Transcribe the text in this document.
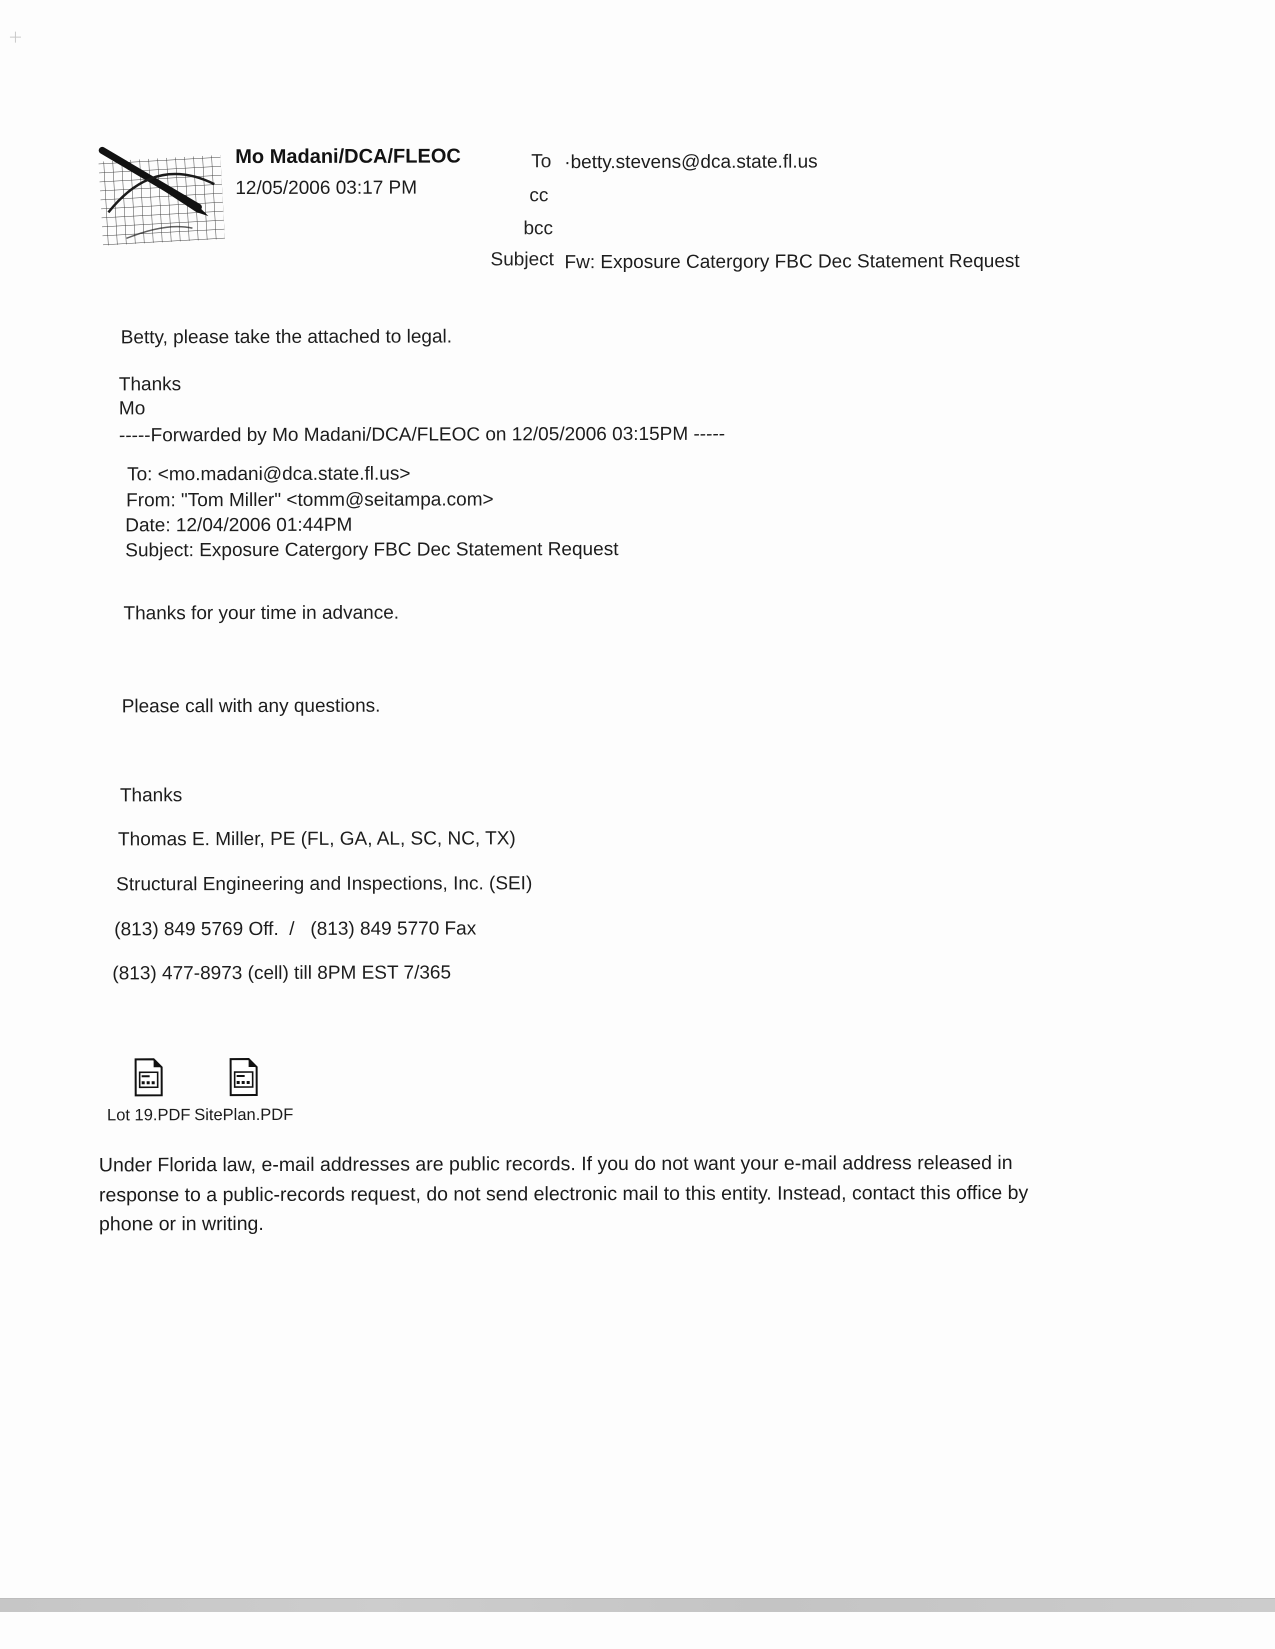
Mo Madani/DCA/FLEOC
12/05/2006 03:17 PM
To ·betty.stevens@dca.state.fl.us
cc
bcc
Subject Fw: Exposure Catergory FBC Dec Statement Request
Betty, please take the attached to legal.
Thanks
Mo
-----Forwarded by Mo Madani/DCA/FLEOC on 12/05/2006 03:15PM -----
To: <mo.madani@dca.state.fl.us>
From: "Tom Miller" <tomm@seitampa.com>
Date: 12/04/2006 01:44PM
Subject: Exposure Catergory FBC Dec Statement Request
Thanks for your time in advance.
Please call with any questions.
Thanks
Thomas E. Miller, PE (FL, GA, AL, SC, NC, TX)
Structural Engineering and Inspections, Inc. (SEI)
(813) 849 5769 Off.  /   (813) 849 5770 Fax
(813) 477-8973 (cell) till 8PM EST 7/365
Lot 19.PDF SitePlan.PDF
Under Florida law, e-mail addresses are public records. If you do not want your e-mail address released in response to a public-records request, do not send electronic mail to this entity. Instead, contact this office by phone or in writing.
